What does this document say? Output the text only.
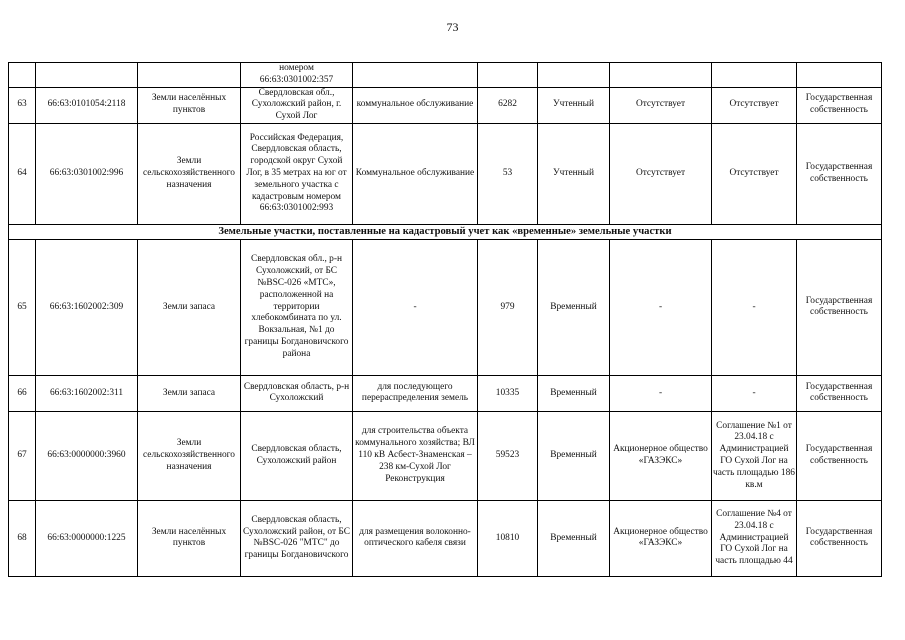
73
			номером 66:63:0301002:357						
63	66:63:0101054:2118	Земли населённых пунктов	Свердловская обл., Сухоложский район, г. Сухой Лог	коммунальное обслуживание	6282	Учтенный	Отсутствует	Отсутствует	Государственная собственность
64	66:63:0301002:996	Земли сельскохозяйственного назначения	Российская Федерация, Свердловская область, городской округ Сухой Лог, в 35 метрах на юг от земельного участка с кадастровым номером 66:63:0301002:993	Коммунальное обслуживание	53	Учтенный	Отсутствует	Отсутствует	Государственная собственность
Земельные участки, поставленные на кадастровый учет как «временные» земельные участки									
65	66:63:1602002:309	Земли запаса	Свердловская обл., р-н Сухоложский, от БС №BSC-026 «МТС», расположенной на территории хлебокомбината по ул. Вокзальная, №1 до границы Богдановичского района	-	979	Временный	-	-	Государственная собственность
66	66:63:1602002:311	Земли запаса	Свердловская область, р-н Сухоложский	для последующего перераспределения земель	10335	Временный	-	-	Государственная собственность
67	66:63:0000000:3960	Земли сельскохозяйственного назначения	Свердловская область, Сухоложский район	для строительства объекта коммунального хозяйства; ВЛ 110 кВ Асбест-Знаменская – 238 км-Сухой Лог Реконструкция	59523	Временный	Акционерное общество «ГАЗЭКС»	Соглашение №1 от 23.04.18 с Администрацией ГО Сухой Лог на часть площадью 186 кв.м	Государственная собственность
68	66:63:0000000:1225	Земли населённых пунктов	Свердловская область, Сухоложский район, от БС №BSC-026 "МТС" до границы Богдановичского	для размещения волоконно-оптического кабеля связи	10810	Временный	Акционерное общество «ГАЗЭКС»	Соглашение №4 от 23.04.18 с Администрацией ГО Сухой Лог на часть площадью 44	Государственная собственность
